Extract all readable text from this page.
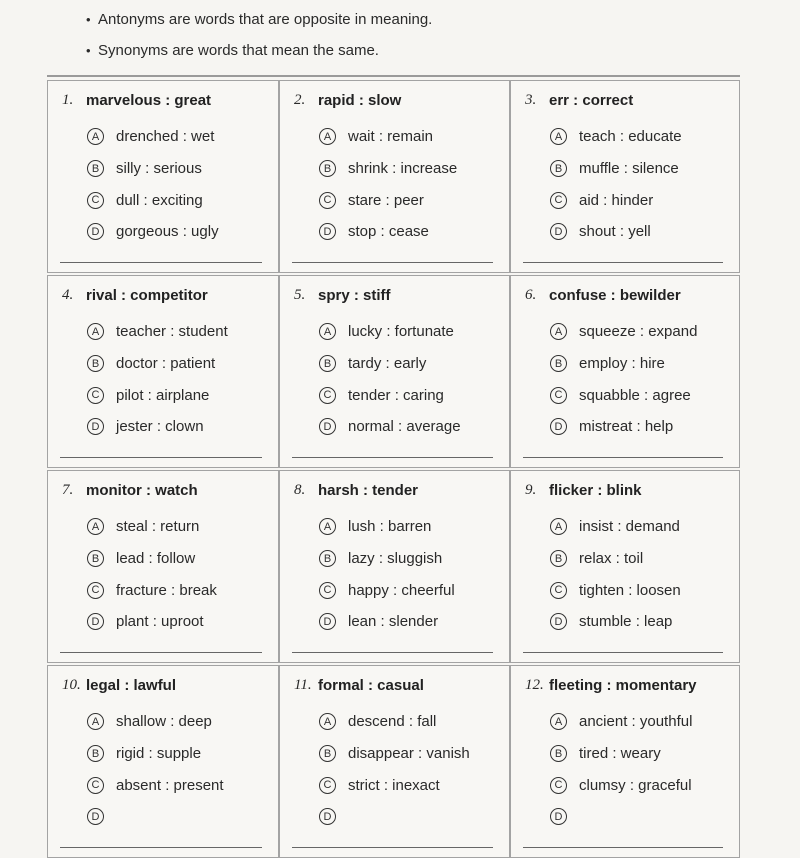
• Antonyms are words that are opposite in meaning.
• Synonyms are words that mean the same.
1. marvelous : great
A	drenched : wet
B	silly : serious
C	dull : exciting
D	gorgeous : ugly
2. rapid : slow
A	wait : remain
B	shrink : increase
C	stare : peer
D	stop : cease
3. err : correct
A	teach : educate
B	muffle : silence
C	aid : hinder
D	shout : yell
4. rival : competitor
A	teacher : student
B	doctor : patient
C	pilot : airplane
D	jester : clown
5. spry : stiff
A	lucky : fortunate
B	tardy : early
C	tender : caring
D	normal : average
6. confuse : bewilder
A	squeeze : expand
B	employ : hire
C	squabble : agree
D	mistreat : help
7. monitor : watch
A	steal : return
B	lead : follow
C	fracture : break
D	plant : uproot
8. harsh : tender
A	lush : barren
B	lazy : sluggish
C	happy : cheerful
D	lean : slender
9. flicker : blink
A	insist : demand
B	relax : toil
C	tighten : loosen
D	stumble : leap
10. legal : lawful
A	shallow : deep
B	rigid : supple
C	absent : present
D
11. formal : casual
A	descend : fall
B	disappear : vanish
C	strict : inexact
D
12. fleeting : momentary
A	ancient : youthful
B	tired : weary
C	clumsy : graceful
D
